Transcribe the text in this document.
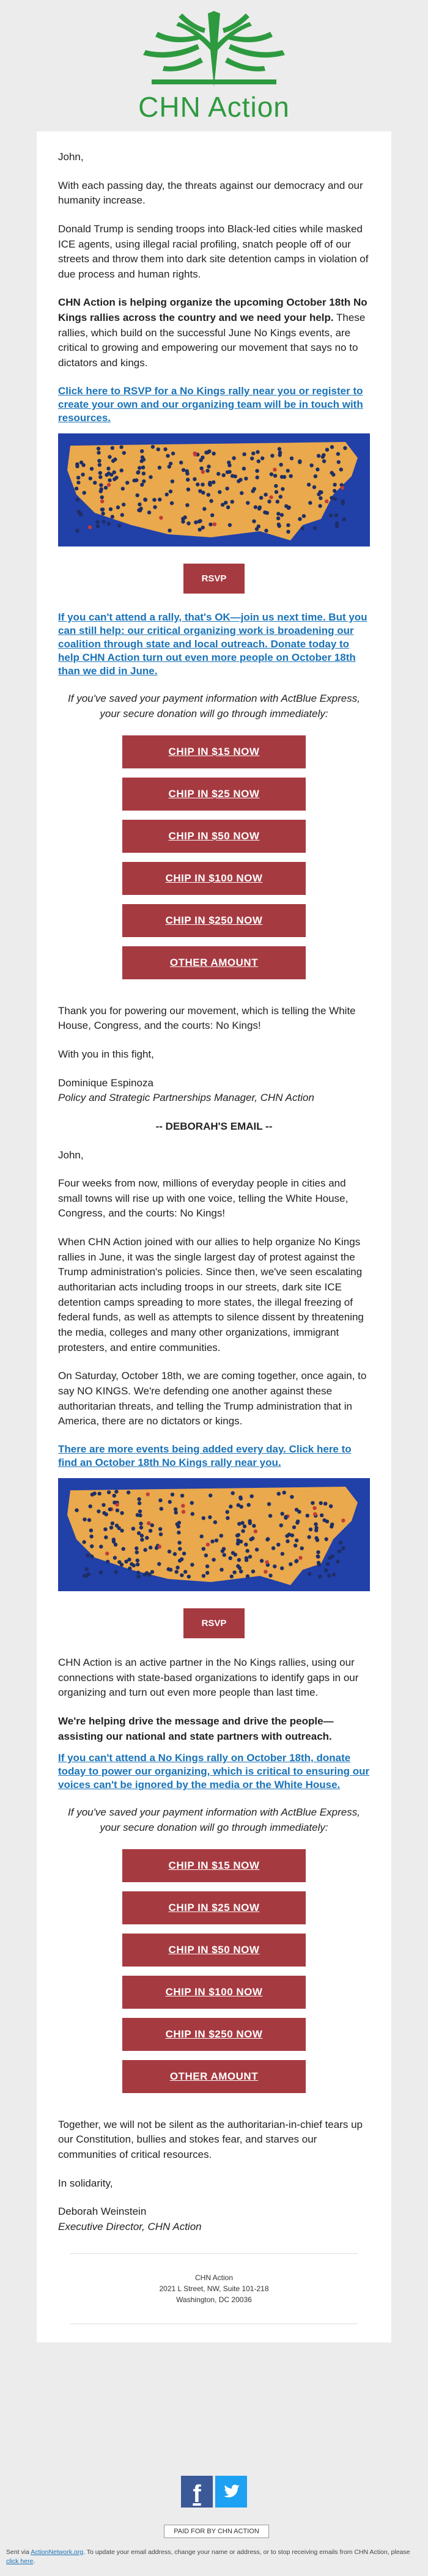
CHN Action

John,

With each passing day, the threats against our democracy and our humanity increase.

Donald Trump is sending troops into Black-led cities while masked ICE agents, using illegal racial profiling, snatch people off of our streets and throw them into dark site detention camps in violation of due process and human rights.

CHN Action is helping organize the upcoming October 18th No Kings rallies across the country and we need your help. These rallies, which build on the successful June No Kings events, are critical to growing and empowering our movement that says no to dictators and kings.

Click here to RSVP for a No Kings rally near you or register to create your own and our organizing team will be in touch with resources.
RSVP
If you can't attend a rally, that's OK—join us next time. But you can still help: our critical organizing work is broadening our coalition through state and local outreach. Donate today to help CHN Action turn out even more people on October 18th than we did in June.

If you've saved your payment information with ActBlue Express, your secure donation will go through immediately:

CHIP IN $15 NOW
CHIP IN $25 NOW
CHIP IN $50 NOW
CHIP IN $100 NOW
CHIP IN $250 NOW
OTHER AMOUNT

Thank you for powering our movement, which is telling the White House, Congress, and the courts: No Kings!

With you in this fight,

Dominique Espinoza

Policy and Strategic Partnerships Manager, CHN Action

-- DEBORAH'S EMAIL --

John,

Four weeks from now, millions of everyday people in cities and small towns will rise up with one voice, telling the White House, Congress, and the courts: No Kings!

When CHN Action joined with our allies to help organize No Kings rallies in June, it was the single largest day of protest against the Trump administration's policies. Since then, we've seen escalating authoritarian acts including troops in our streets, dark site ICE detention camps spreading to more states, the illegal freezing of federal funds, as well as attempts to silence dissent by threatening the media, colleges and many other organizations, immigrant protesters, and entire communities.

On Saturday, October 18th, we are coming together, once again, to say NO KINGS. We're defending one another against these authoritarian threats, and telling the Trump administration that in America, there are no dictators or kings.

There are more events being added every day. Click here to find an October 18th No Kings rally near you.
RSVP

CHN Action is an active partner in the No Kings rallies, using our connections with state-based organizations to identify gaps in our organizing and turn out even more people than last time.

We're helping drive the message and drive the people—assisting our national and state partners with outreach.

If you can't attend a No Kings rally on October 18th, donate today to power our organizing, which is critical to ensuring our voices can't be ignored by the media or the White House.

If you've saved your payment information with ActBlue Express, your secure donation will go through immediately:

CHIP IN $15 NOW
CHIP IN $25 NOW
CHIP IN $50 NOW
CHIP IN $100 NOW
CHIP IN $250 NOW
OTHER AMOUNT

Together, we will not be silent as the authoritarian-in-chief tears up our Constitution, bullies and stokes fear, and starves our communities of critical resources.

In solidarity,

Deborah Weinstein

Executive Director, CHN Action

CHN Action
2021 L Street, NW, Suite 101-218
Washington, DC 20036
f
PAID FOR BY CHN ACTION
Sent via ActionNetwork.org. To update your email address, change your name or address, or to stop receiving emails from CHN Action, please click here.
